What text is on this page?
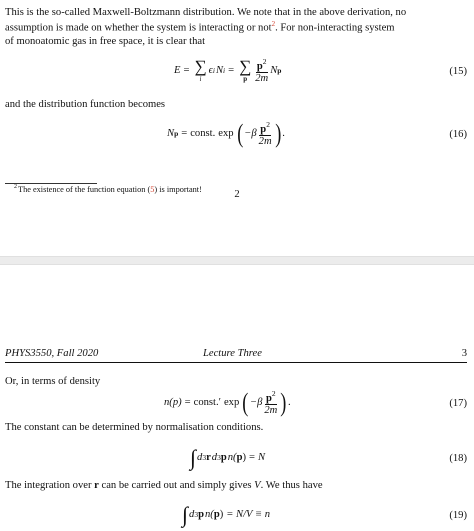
This is the so-called Maxwell-Boltzmann distribution. We note that in the above derivation, no
assumption is made on whether the system is interacting or not$^2$. For non-interacting system
of monoatomic gas in free space, it is clear that
E = ∑
i
ϵ i N i = ∑
p $\frac{p^2}{2m}$ N p	(15)
and the distribution function becomes
N p = const. exp ( $-\beta \frac{p^2}{2m}$ ) .	(16)
$^2$The existence of the function equation (5) is important!	2
PHYS3550, Fall 2020	Lecture Three	3
Or, in terms of density
n(p) = const.′ exp ( $-\beta \frac{p^2}{2m}$ ) .	(17)
The constant can be determined by normalisation conditions.
∫ d 3 r d 3 p n( p ) = N	(18)
The integration over r can be carried out and simply gives V. We thus have
∫ d 3 p n( p ) = N/V ≡ n	(19)
